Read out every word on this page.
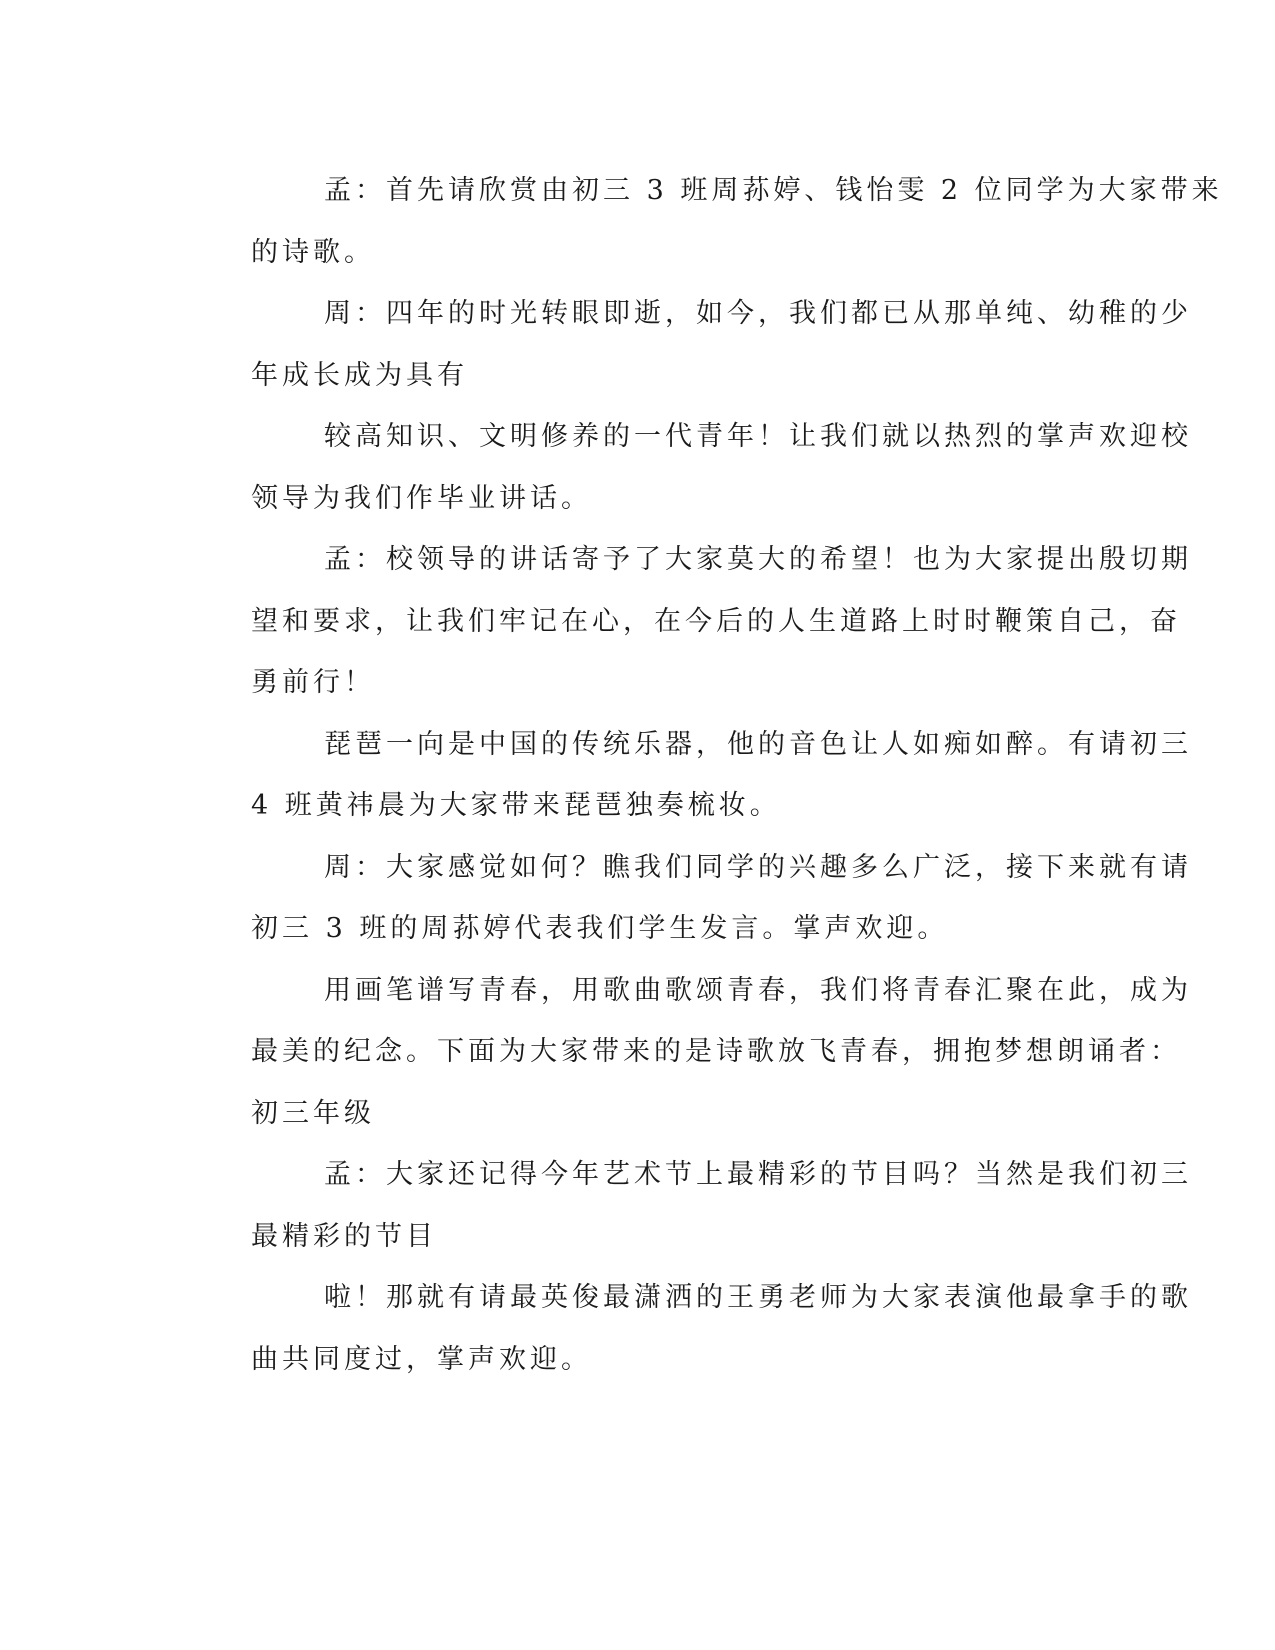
孟：首先请欣赏由初三 3 班周荪婷、钱怡雯 2 位同学为大家带来
的诗歌。

周：四年的时光转眼即逝，如今，我们都已从那单纯、幼稚的少
年成长成为具有

较高知识、文明修养的一代青年！让我们就以热烈的掌声欢迎校
领导为我们作毕业讲话。

孟：校领导的讲话寄予了大家莫大的希望！也为大家提出殷切期
望和要求，让我们牢记在心，在今后的人生道路上时时鞭策自己，奋
勇前行！

琵琶一向是中国的传统乐器，他的音色让人如痴如醉。有请初三
4 班黄祎晨为大家带来琵琶独奏梳妆。

周：大家感觉如何？瞧我们同学的兴趣多么广泛，接下来就有请
初三 3 班的周荪婷代表我们学生发言。掌声欢迎。

用画笔谱写青春，用歌曲歌颂青春，我们将青春汇聚在此，成为
最美的纪念。下面为大家带来的是诗歌放飞青春，拥抱梦想朗诵者：
初三年级

孟：大家还记得今年艺术节上最精彩的节目吗？当然是我们初三
最精彩的节目

啦！那就有请最英俊最潇洒的王勇老师为大家表演他最拿手的歌
曲共同度过，掌声欢迎。
